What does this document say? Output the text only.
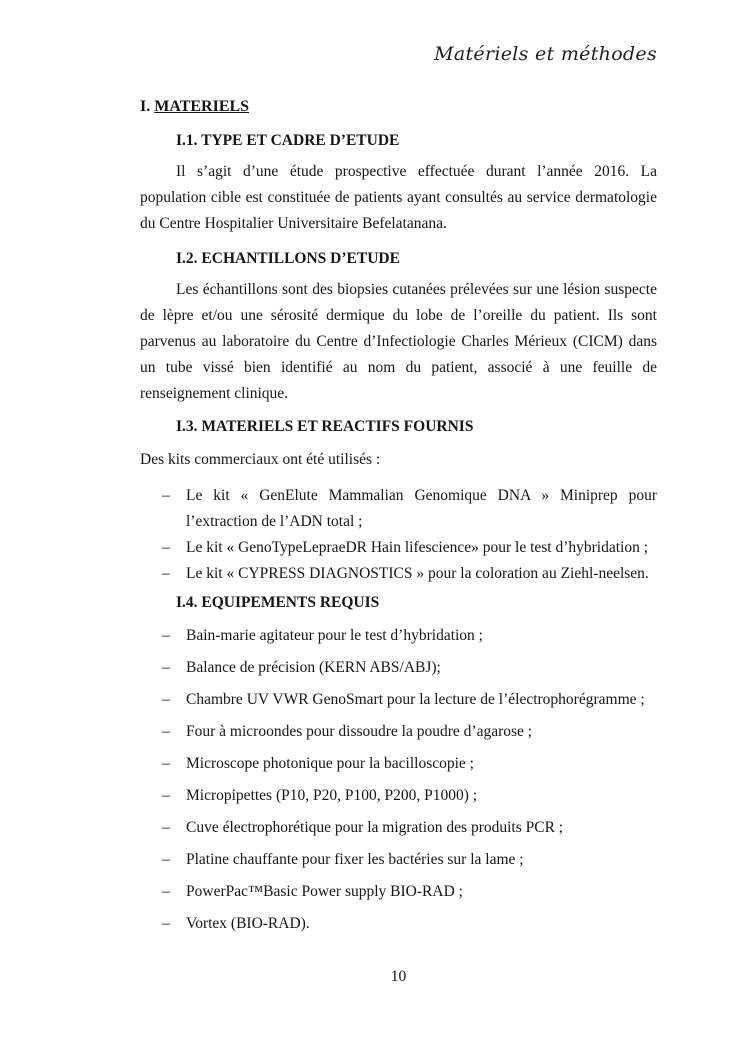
Matériels et méthodes
I. MATERIELS
I.1. TYPE ET CADRE D’ETUDE
Il s’agit d’une étude prospective effectuée durant l’année 2016. La population cible est constituée de patients ayant consultés au service dermatologie du Centre Hospitalier Universitaire Befelatanana.
I.2. ECHANTILLONS D’ETUDE
Les échantillons sont des biopsies cutanées prélevées sur une lésion suspecte de lèpre et/ou une sérosité dermique du lobe de l’oreille du patient. Ils sont parvenus au laboratoire du Centre d’Infectiologie Charles Mérieux (CICM) dans un tube vissé bien identifié au nom du patient, associé à une feuille de renseignement clinique.
I.3. MATERIELS ET REACTIFS FOURNIS
Des kits commerciaux ont été utilisés :
–	Le kit « GenElute Mammalian Genomique DNA » Miniprep pour l’extraction de l’ADN total ;
–	Le kit « GenoTypeLepraeDR Hain lifescience» pour le test d’hybridation ;
–	Le kit « CYPRESS DIAGNOSTICS » pour la coloration au Ziehl-neelsen.
I.4. EQUIPEMENTS REQUIS
–	Bain-marie agitateur pour le test d’hybridation ;
–	Balance de précision (KERN ABS/ABJ);
–	Chambre UV VWR GenoSmart pour la lecture de l’électrophorégramme ;
–	Four à microondes pour dissoudre la poudre d’agarose ;
–	Microscope photonique pour la bacilloscopie ;
–	Micropipettes (P10, P20, P100, P200, P1000) ;
–	Cuve électrophorétique pour la migration des produits PCR ;
–	Platine chauffante pour fixer les bactéries sur la lame ;
–	PowerPac™Basic Power supply BIO-RAD ;
–	Vortex (BIO-RAD).
10
